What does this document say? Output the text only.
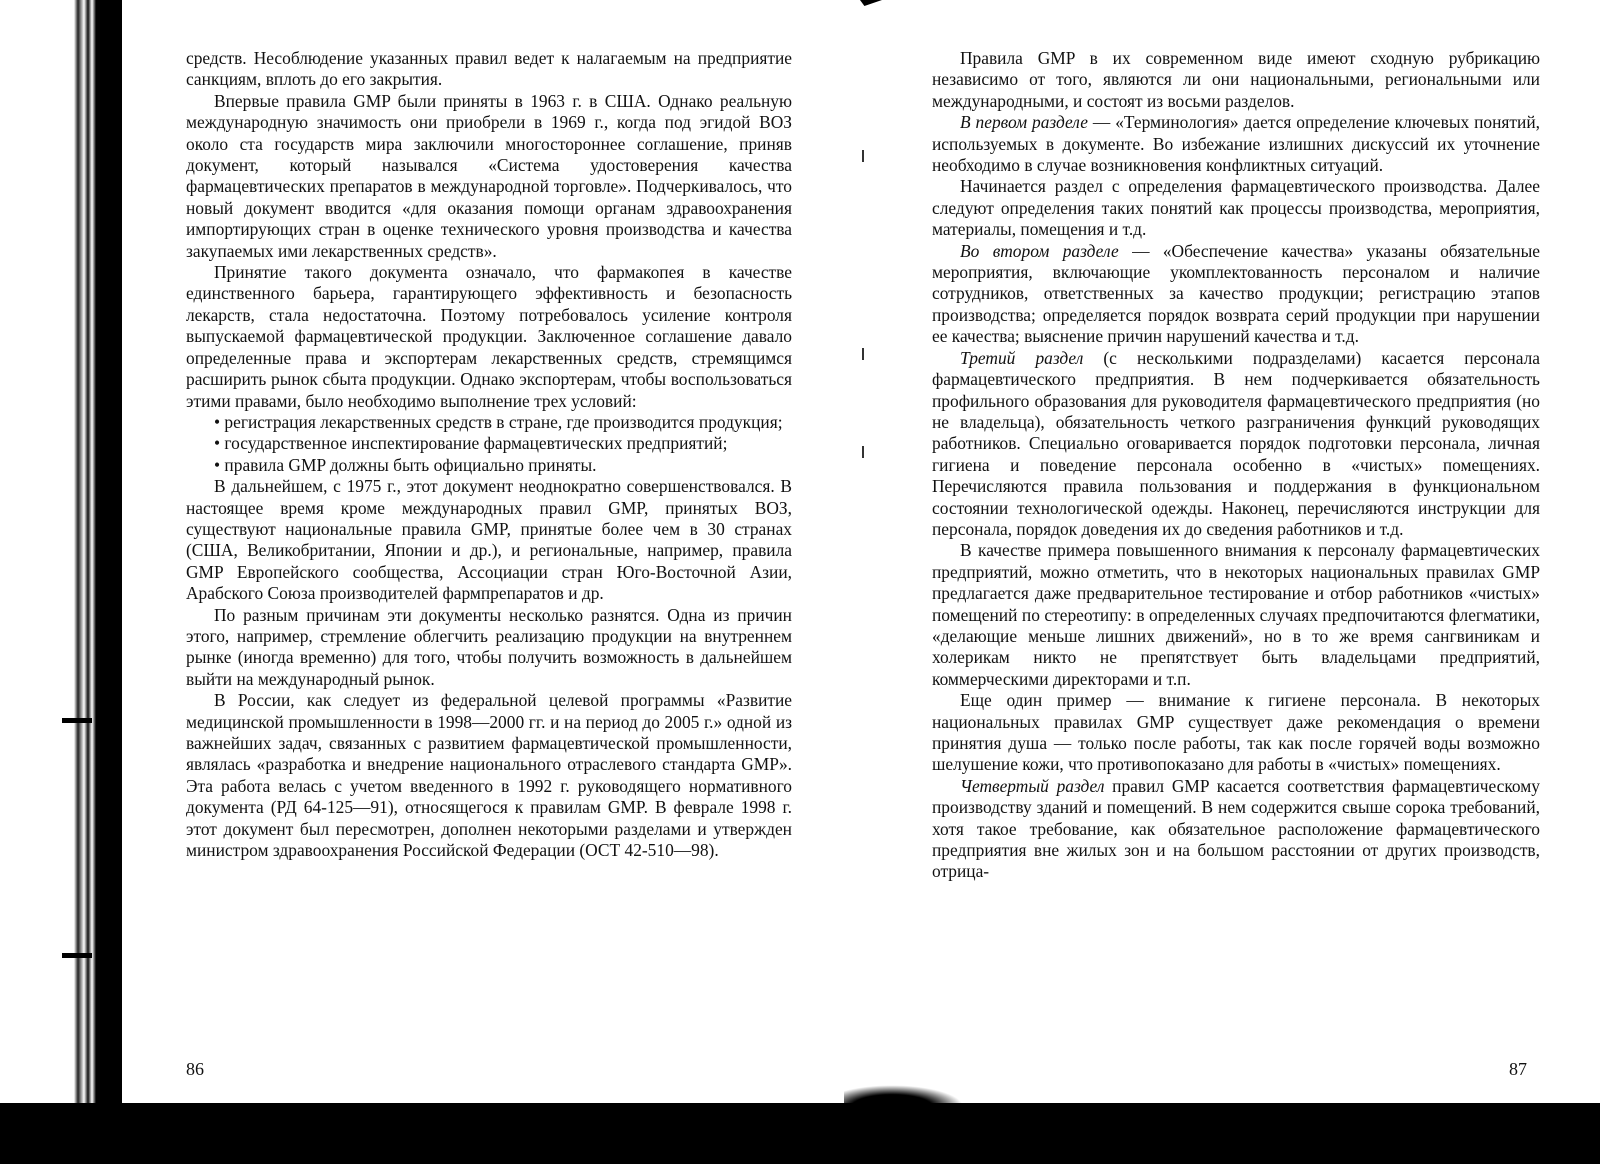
средств. Несоблюдение указанных правил ведет к налагаемым на предприятие санкциям, вплоть до его закрытия.

Впервые правила GMP были приняты в 1963 г. в США. Однако реальную международную значимость они приобрели в 1969 г., когда под эгидой ВОЗ около ста государств мира заключили многостороннее соглашение, приняв документ, который назывался «Система удостоверения качества фармацевтических препаратов в международной торговле». Подчеркивалось, что новый документ вводится «для оказания помощи органам здравоохранения импортирующих стран в оценке технического уровня производства и качества закупаемых ими лекарственных средств».

Принятие такого документа означало, что фармакопея в качестве единственного барьера, гарантирующего эффективность и безопасность лекарств, стала недостаточна. Поэтому потребовалось усиление контроля выпускаемой фармацевтической продукции. Заключенное соглашение давало определенные права и экспортерам лекарственных средств, стремящимся расширить рынок сбыта продукции. Однако экспортерам, чтобы воспользоваться этими правами, было необходимо выполнение трех условий:

• регистрация лекарственных средств в стране, где производится продукция;

• государственное инспектирование фармацевтических предприятий;

• правила GMP должны быть официально приняты.

В дальнейшем, с 1975 г., этот документ неоднократно совершенствовался. В настоящее время кроме международных правил GMP, принятых ВОЗ, существуют национальные правила GMP, принятые более чем в 30 странах (США, Великобритании, Японии и др.), и региональные, например, правила GMP Европейского сообщества, Ассоциации стран Юго-Восточной Азии, Арабского Союза производителей фармпрепаратов и др.

По разным причинам эти документы несколько разнятся. Одна из причин этого, например, стремление облегчить реализацию продукции на внутреннем рынке (иногда временно) для того, чтобы получить возможность в дальнейшем выйти на международный рынок.

В России, как следует из федеральной целевой программы «Развитие медицинской промышленности в 1998—2000 гг. и на период до 2005 г.» одной из важнейших задач, связанных с развитием фармацевтической промышленности, являлась «разработка и внедрение национального отраслевого стандарта GMP». Эта работа велась с учетом введенного в 1992 г. руководящего нормативного документа (РД 64-125—91), относящегося к правилам GMP. В феврале 1998 г. этот документ был пересмотрен, дополнен некоторыми разделами и утвержден министром здравоохранения Российской Федерации (ОСТ 42-510—98).

Правила GMP в их современном виде имеют сходную рубрикацию независимо от того, являются ли они национальными, региональными или международными, и состоят из восьми разделов.

В первом разделе — «Терминология» дается определение ключевых понятий, используемых в документе. Во избежание излишних дискуссий их уточнение необходимо в случае возникновения конфликтных ситуаций.

Начинается раздел с определения фармацевтического производства. Далее следуют определения таких понятий как процессы производства, мероприятия, материалы, помещения и т.д.

Во втором разделе — «Обеспечение качества» указаны обязательные мероприятия, включающие укомплектованность персоналом и наличие сотрудников, ответственных за качество продукции; регистрацию этапов производства; определяется порядок возврата серий продукции при нарушении ее качества; выяснение причин нарушений качества и т.д.

Третий раздел (с несколькими подразделами) касается персонала фармацевтического предприятия. В нем подчеркивается обязательность профильного образования для руководителя фармацевтического предприятия (но не владельца), обязательность четкого разграничения функций руководящих работников. Специально оговаривается порядок подготовки персонала, личная гигиена и поведение персонала особенно в «чистых» помещениях. Перечисляются правила пользования и поддержания в функциональном состоянии технологической одежды. Наконец, перечисляются инструкции для персонала, порядок доведения их до сведения работников и т.д.

В качестве примера повышенного внимания к персоналу фармацевтических предприятий, можно отметить, что в некоторых национальных правилах GMP предлагается даже предварительное тестирование и отбор работников «чистых» помещений по стереотипу: в определенных случаях предпочитаются флегматики, «делающие меньше лишних движений», но в то же время сангвиникам и холерикам никто не препятствует быть владельцами предприятий, коммерческими директорами и т.п.

Еще один пример — внимание к гигиене персонала. В некоторых национальных правилах GMP существует даже рекомендация о времени принятия душа — только после работы, так как после горячей воды возможно шелушение кожи, что противопоказано для работы в «чистых» помещениях.

Четвертый раздел правил GMP касается соответствия фармацевтическому производству зданий и помещений. В нем содержится свыше сорока требований, хотя такое требование, как обязательное расположение фармацевтического предприятия вне жилых зон и на большом расстоянии от других производств, отрица-

86	87
